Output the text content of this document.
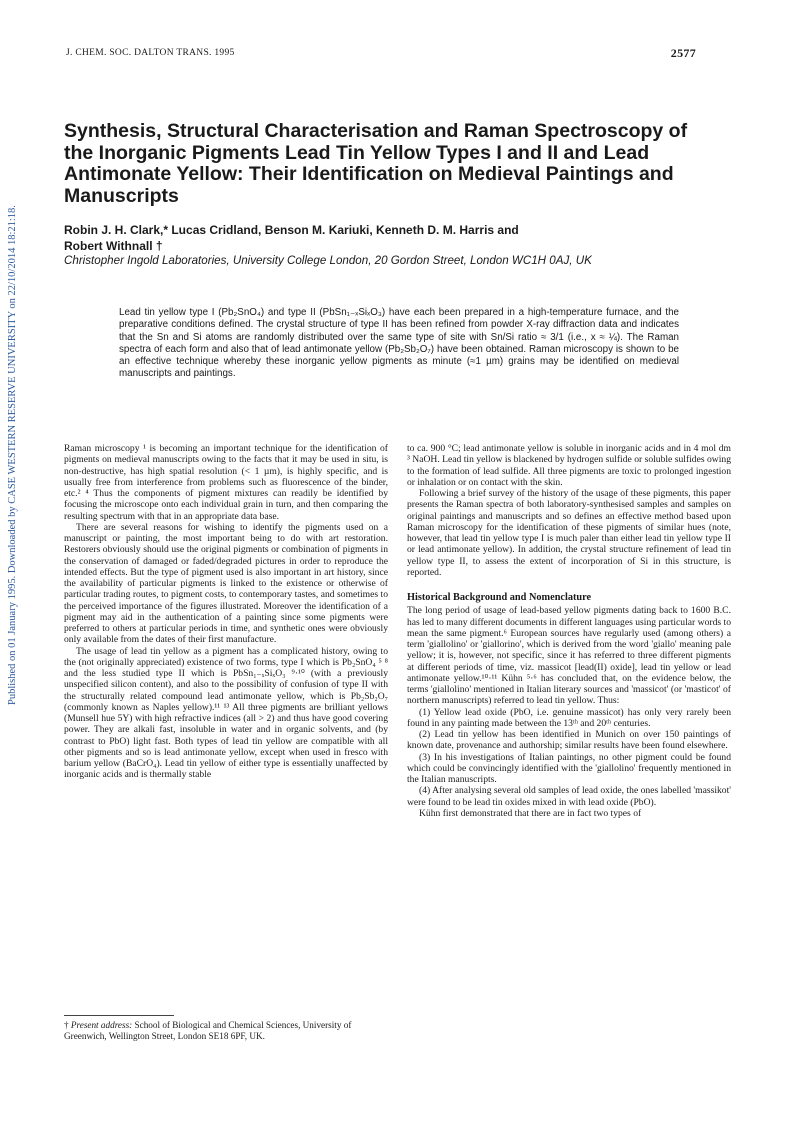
J. CHEM. SOC. DALTON TRANS. 1995	2577
Published on 01 January 1995. Downloaded by CASE WESTERN RESERVE UNIVERSITY on 22/10/2014 18:21:18.
Synthesis, Structural Characterisation and Raman Spectroscopy of the Inorganic Pigments Lead Tin Yellow Types I and II and Lead Antimonate Yellow: Their Identification on Medieval Paintings and Manuscripts
Robin J. H. Clark,* Lucas Cridland, Benson M. Kariuki, Kenneth D. M. Harris and
Robert Withnall †
Christopher Ingold Laboratories, University College London, 20 Gordon Street, London WC1H 0AJ, UK
Lead tin yellow type I (Pb₂SnO₄) and type II (PbSn₁₋ₓSiₓO₃) have each been prepared in a high-temperature furnace, and the preparative conditions defined. The crystal structure of type II has been refined from powder X-ray diffraction data and indicates that the Sn and Si atoms are randomly distributed over the same type of site with Sn/Si ratio ≈ 3/1 (i.e., x ≈ ¼). The Raman spectra of each form and also that of lead antimonate yellow (Pb₂Sb₂O₇) have been obtained. Raman microscopy is shown to be an effective technique whereby these inorganic yellow pigments as minute (≈1 µm) grains may be identified on medieval manuscripts and paintings.

Raman microscopy ¹ is becoming an important technique for the identification of pigments on medieval manuscripts owing to the facts that it may be used in situ, is non-destructive, has high spatial resolution (< 1 µm), is highly specific, and is usually free from interference from problems such as fluorescence of the binder, etc.² ⁴ Thus the components of pigment mixtures can readily be identified by focusing the microscope onto each individual grain in turn, and then comparing the resulting spectrum with that in an appropriate data base.

There are several reasons for wishing to identify the pigments used on a manuscript or painting, the most important being to do with art restoration. Restorers obviously should use the original pigments or combination of pigments in the conservation of damaged or faded/degraded pictures in order to reproduce the intended effects. But the type of pigment used is also important in art history, since the availability of particular pigments is linked to the existence or otherwise of particular trading routes, to pigment costs, to contemporary tastes, and sometimes to the perceived importance of the figures illustrated. Moreover the identification of a pigment may aid in the authentication of a painting since some pigments were preferred to others at particular periods in time, and synthetic ones were obviously only available from the dates of their first manufacture.

The usage of lead tin yellow as a pigment has a complicated history, owing to the (not originally appreciated) existence of two forms, type I which is Pb₂SnO₄ ⁵ ⁸ and the less studied type II which is PbSn₁₋ₓSiₓO₃ ⁹·¹⁰ (with a previously unspecified silicon content), and also to the possibility of confusion of type II with the structurally related compound lead antimonate yellow, which is Pb₂Sb₂O₇ (commonly known as Naples yellow).¹¹ ¹³ All three pigments are brilliant yellows (Munsell hue 5Y) with high refractive indices (all > 2) and thus have good covering power. They are alkali fast, insoluble in water and in organic solvents, and (by contrast to PbO) light fast. Both types of lead tin yellow are compatible with all other pigments and so is lead antimonate yellow, except when used in fresco with barium yellow (BaCrO₄). Lead tin yellow of either type is essentially unaffected by inorganic acids and is thermally stable

† Present address: School of Biological and Chemical Sciences, University of Greenwich, Wellington Street, London SE18 6PF, UK.

to ca. 900 °C; lead antimonate yellow is soluble in inorganic acids and in 4 mol dm ³ NaOH. Lead tin yellow is blackened by hydrogen sulfide or soluble sulfides owing to the formation of lead sulfide. All three pigments are toxic to prolonged ingestion or inhalation or on contact with the skin.

Following a brief survey of the history of the usage of these pigments, this paper presents the Raman spectra of both laboratory-synthesised samples and samples on original paintings and manuscripts and so defines an effective method based upon Raman microscopy for the identification of these pigments of similar hues (note, however, that lead tin yellow type I is much paler than either lead tin yellow type II or lead antimonate yellow). In addition, the crystal structure refinement of lead tin yellow type II, to assess the extent of incorporation of Si in this structure, is reported.

Historical Background and Nomenclature

The long period of usage of lead-based yellow pigments dating back to 1600 B.C. has led to many different documents in different languages using particular words to mean the same pigment.⁶ European sources have regularly used (among others) a term 'giallolino' or 'giallorino', which is derived from the word 'giallo' meaning pale yellow; it is, however, not specific, since it has referred to three different pigments at different periods of time, viz. massicot [lead(II) oxide], lead tin yellow or lead antimonate yellow.¹⁰·¹¹ Kühn ⁵·⁶ has concluded that, on the evidence below, the terms 'giallolino' mentioned in Italian literary sources and 'massicot' (or 'masticot' of northern manuscripts) referred to lead tin yellow. Thus:

(1) Yellow lead oxide (PbO, i.e. genuine massicot) has only very rarely been found in any painting made between the 13ᵗʰ and 20ᵗʰ centuries.

(2) Lead tin yellow has been identified in Munich on over 150 paintings of known date, provenance and authorship; similar results have been found elsewhere.

(3) In his investigations of Italian paintings, no other pigment could be found which could be convincingly identified with the 'giallolino' frequently mentioned in the Italian manuscripts.

(4) After analysing several old samples of lead oxide, the ones labelled 'massikot' were found to be lead tin oxides mixed in with lead oxide (PbO).

Kühn first demonstrated that there are in fact two types of
